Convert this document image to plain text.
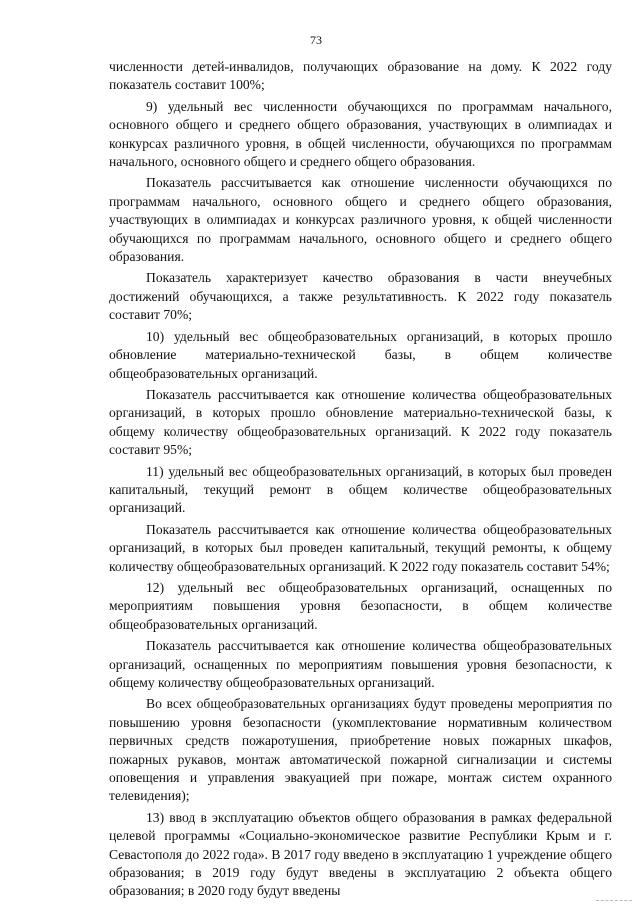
73

численности детей-инвалидов, получающих образование на дому. К 2022 году показатель составит 100%;

9) удельный вес численности обучающихся по программам начального, основного общего и среднего общего образования, участвующих в олимпиадах и конкурсах различного уровня, в общей численности, обучающихся по программам начального, основного общего и среднего общего образования.

Показатель рассчитывается как отношение численности обучающихся по программам начального, основного общего и среднего общего образования, участвующих в олимпиадах и конкурсах различного уровня, к общей численности обучающихся по программам начального, основного общего и среднего общего образования.

Показатель характеризует качество образования в части внеучебных достижений обучающихся, а также результативность. К 2022 году показатель составит 70%;

10) удельный вес общеобразовательных организаций, в которых прошло обновление материально-технической базы, в общем количестве общеобразовательных организаций.

Показатель рассчитывается как отношение количества общеобразовательных организаций, в которых прошло обновление материально-технической базы, к общему количеству общеобразовательных организаций. К 2022 году показатель составит 95%;

11) удельный вес общеобразовательных организаций, в которых был проведен капитальный, текущий ремонт в общем количестве общеобразовательных организаций.

Показатель рассчитывается как отношение количества общеобразовательных организаций, в которых был проведен капитальный, текущий ремонты, к общему количеству общеобразовательных организаций. К 2022 году показатель составит 54%;

12) удельный вес общеобразовательных организаций, оснащенных по мероприятиям повышения уровня безопасности, в общем количестве общеобразовательных организаций.

Показатель рассчитывается как отношение количества общеобразовательных организаций, оснащенных по мероприятиям повышения уровня безопасности, к общему количеству общеобразовательных организаций.

Во всех общеобразовательных организациях будут проведены мероприятия по повышению уровня безопасности (укомплектование нормативным количеством первичных средств пожаротушения, приобретение новых пожарных шкафов, пожарных рукавов, монтаж автоматической пожарной сигнализации и системы оповещения и управления эвакуацией при пожаре, монтаж систем охранного телевидения);

13) ввод в эксплуатацию объектов общего образования в рамках федеральной целевой программы «Социально-экономическое развитие Республики Крым и г. Севастополя до 2022 года». В 2017 году введено в эксплуатацию 1 учреждение общего образования; в 2019 году будут введены в эксплуатацию 2 объекта общего образования; в 2020 году будут введены
